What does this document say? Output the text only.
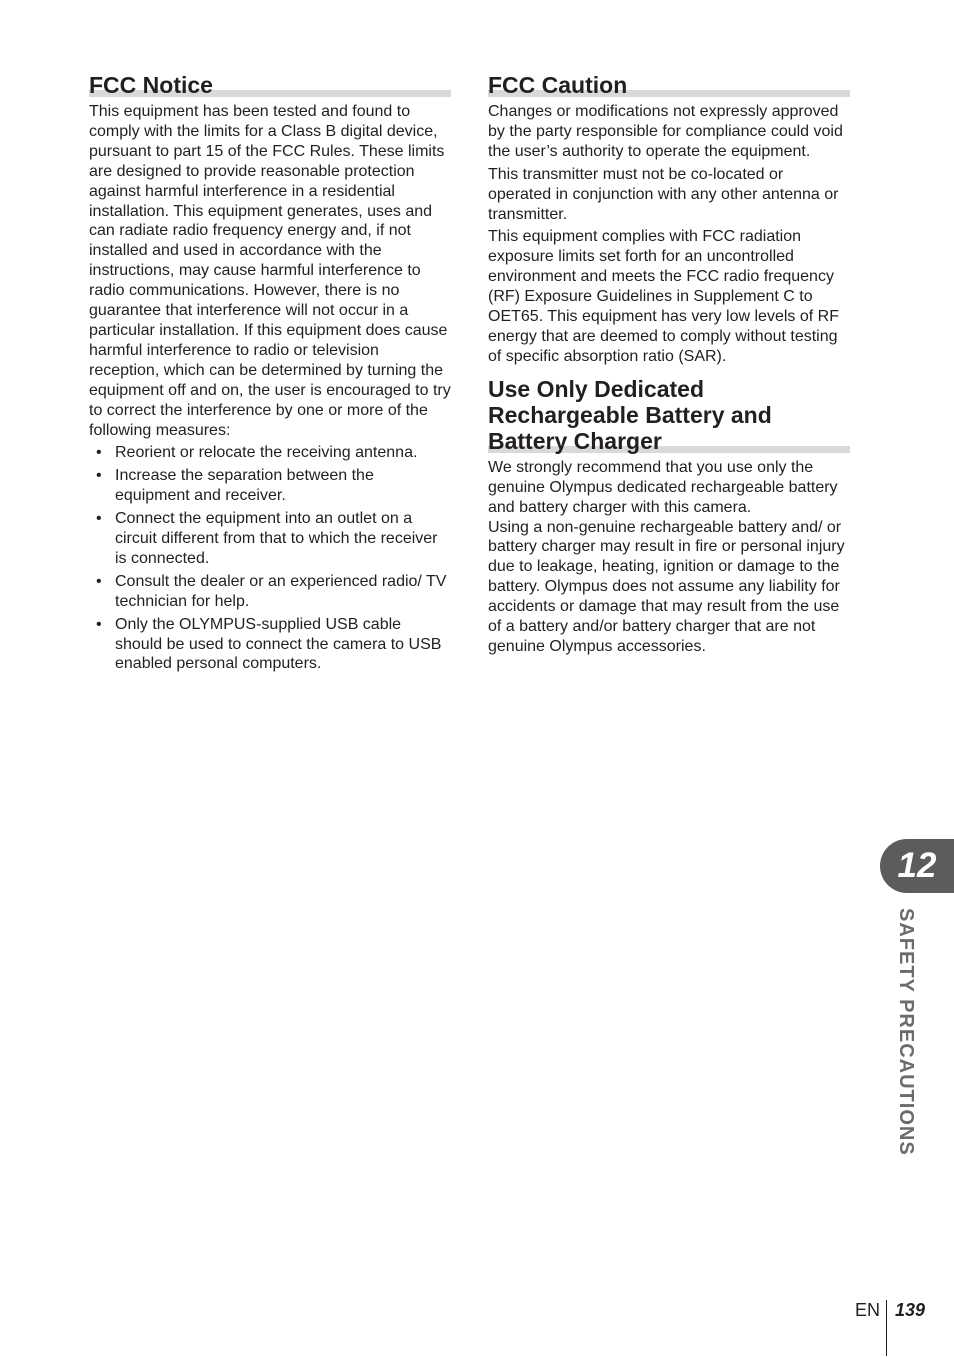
FCC Notice

This equipment has been tested and found to comply with the limits for a Class B digital device, pursuant to part 15 of the FCC Rules. These limits are designed to provide reasonable protection against harmful interference in a residential installation. This equipment generates, uses and can radiate radio frequency energy and, if not installed and used in accordance with the instructions, may cause harmful interference to radio communications. However, there is no guarantee that interference will not occur in a particular installation. If this equipment does cause harmful interference to radio or television reception, which can be determined by turning the equipment off and on, the user is encouraged to try to correct the interference by one or more of the following measures:

• Reorient or relocate the receiving antenna.
• Increase the separation between the equipment and receiver.
• Connect the equipment into an outlet on a circuit different from that to which the receiver is connected.
• Consult the dealer or an experienced radio/ TV technician for help.
• Only the OLYMPUS-supplied USB cable should be used to connect the camera to USB enabled personal computers.
FCC Caution

Changes or modifications not expressly approved by the party responsible for compliance could void the user’s authority to operate the equipment.

This transmitter must not be co-located or operated in conjunction with any other antenna or transmitter.

This equipment complies with FCC radiation exposure limits set forth for an uncontrolled environment and meets the FCC radio frequency (RF) Exposure Guidelines in Supplement C to OET65. This equipment has very low levels of RF energy that are deemed to comply without testing of specific absorption ratio (SAR).

Use Only Dedicated
Rechargeable Battery and
Battery Charger

We strongly recommend that you use only the genuine Olympus dedicated rechargeable battery and battery charger with this camera.

Using a non-genuine rechargeable battery and/ or battery charger may result in fire or personal injury due to leakage, heating, ignition or damage to the battery. Olympus does not assume any liability for accidents or damage that may result from the use of a battery and/or battery charger that are not genuine Olympus accessories.

12
SAFETY PRECAUTIONS
EN 139
